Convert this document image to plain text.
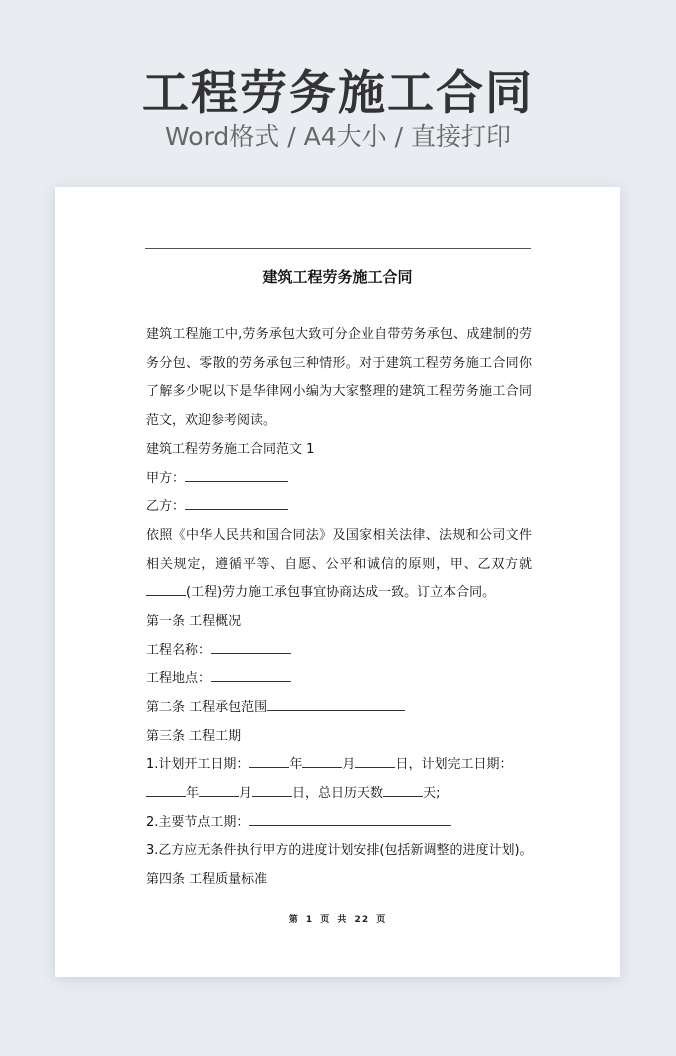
工程劳务施工合同
Word格式 / A4大小 / 直接打印
建筑工程劳务施工合同
建筑工程施工中,劳务承包大致可分企业自带劳务承包、成建制的劳务分包、零散的劳务承包三种情形。对于建筑工程劳务施工合同你了解多少呢以下是华律网小编为大家整理的建筑工程劳务施工合同范文，欢迎参考阅读。
建筑工程劳务施工合同范文 1
甲方：
乙方：
依照《中华人民共和国合同法》及国家相关法律、法规和公司文件相关规定，遵循平等、自愿、公平和诚信的原则，甲、乙双方就(工程)劳力施工承包事宜协商达成一致。订立本合同。
第一条 工程概况
工程名称：
工程地点：
第二条 工程承包范围
第三条 工程工期
1.计划开工日期：	年	月	日，计划完工日期：
年	月	日，总日历天数	天;
2.主要节点工期：
3.乙方应无条件执行甲方的进度计划安排(包括新调整的进度计划)。
第四条 工程质量标准
第 1 页 共 22 页
